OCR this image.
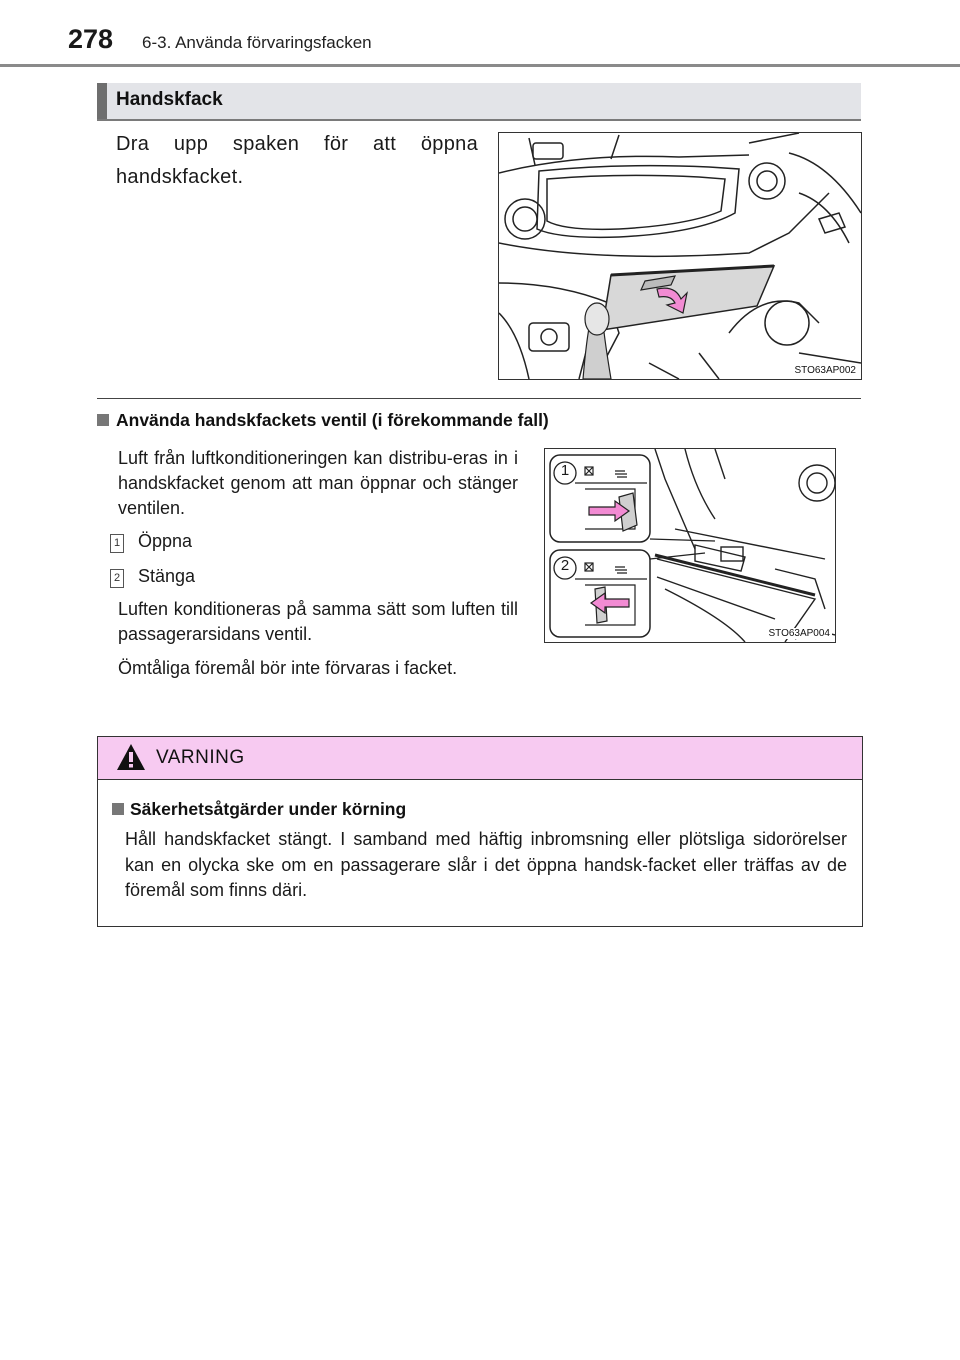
278 6-3. Använda förvaringsfacken
Handskfack
Dra upp spaken för att öppna handskfacket.
STO63AP002
Använda handskfackets ventil (i förekommande fall)
Luft från luftkonditioneringen kan distribu-eras in i handskfacket genom att man öppnar och stänger ventilen.
1 Öppna
2 Stänga
Luften konditioneras på samma sätt som luften till passagerarsidans ventil.
Ömtåliga föremål bör inte förvaras i facket.
1
2
STO63AP004
VARNING
Säkerhetsåtgärder under körning
Håll handskfacket stängt. I samband med häftig inbromsning eller plötsliga sidorörelser kan en olycka ske om en passagerare slår i det öppna handsk-facket eller träffas av de föremål som finns däri.
